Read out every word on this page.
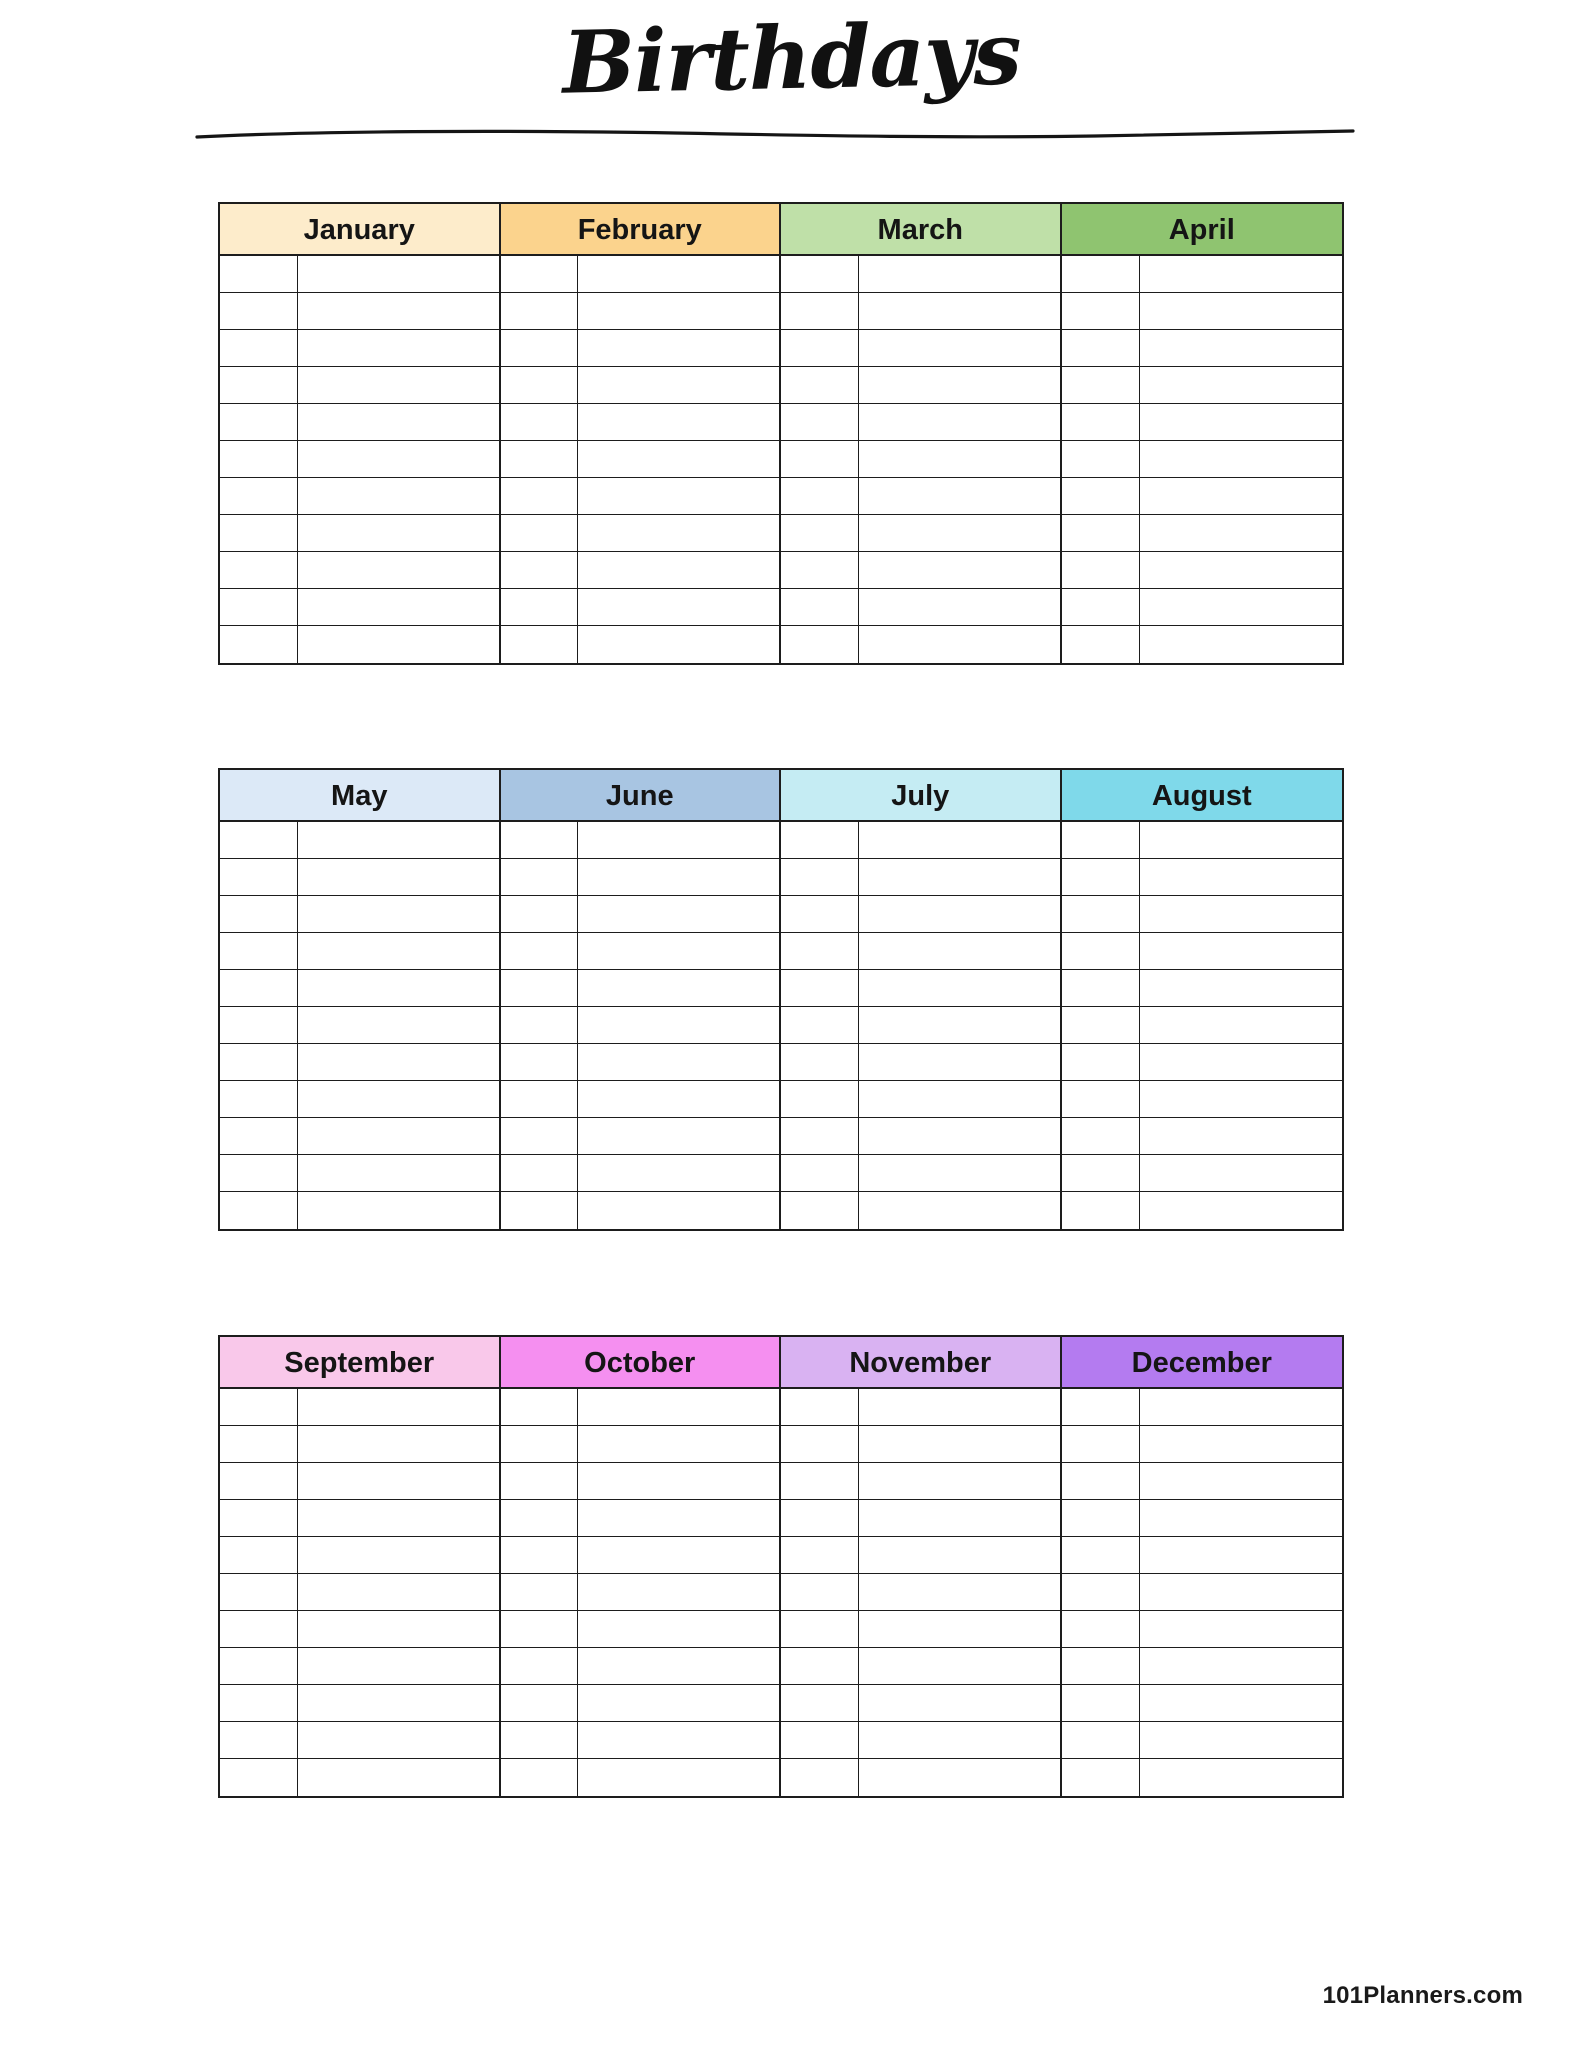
Birthdays
January	February	March	April
May	June	July	August
September	October	November	December
101Planners.com
